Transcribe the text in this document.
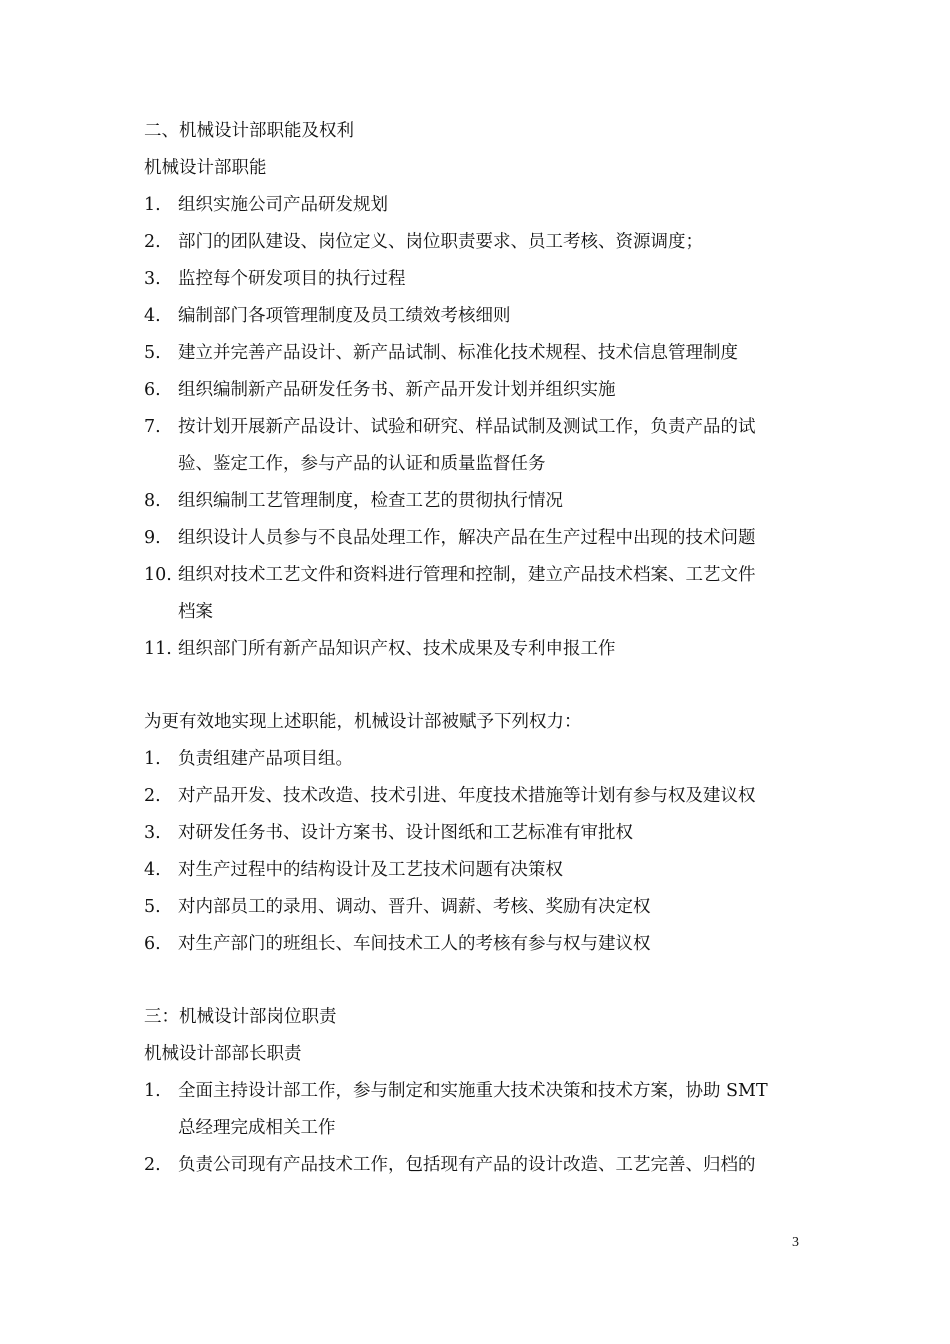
二、机械设计部职能及权利
机械设计部职能
1. 组织实施公司产品研发规划
2. 部门的团队建设、岗位定义、岗位职责要求、员工考核、资源调度；
3. 监控每个研发项目的执行过程
4. 编制部门各项管理制度及员工绩效考核细则
5. 建立并完善产品设计、新产品试制、标准化技术规程、技术信息管理制度
6. 组织编制新产品研发任务书、新产品开发计划并组织实施
7. 按计划开展新产品设计、试验和研究、样品试制及测试工作，负责产品的试
验、鉴定工作，参与产品的认证和质量监督任务
8. 组织编制工艺管理制度，检查工艺的贯彻执行情况
9. 组织设计人员参与不良品处理工作，解决产品在生产过程中出现的技术问题
10. 组织对技术工艺文件和资料进行管理和控制，建立产品技术档案、工艺文件
档案
11. 组织部门所有新产品知识产权、技术成果及专利申报工作
为更有效地实现上述职能，机械设计部被赋予下列权力：
1. 负责组建产品项目组。
2. 对产品开发、技术改造、技术引进、年度技术措施等计划有参与权及建议权
3. 对研发任务书、设计方案书、设计图纸和工艺标准有审批权
4. 对生产过程中的结构设计及工艺技术问题有决策权
5. 对内部员工的录用、调动、晋升、调薪、考核、奖励有决定权
6. 对生产部门的班组长、车间技术工人的考核有参与权与建议权
三：机械设计部岗位职责
机械设计部部长职责
1. 全面主持设计部工作，参与制定和实施重大技术决策和技术方案，协助 SMT
总经理完成相关工作
2. 负责公司现有产品技术工作，包括现有产品的设计改造、工艺完善、归档的
3
